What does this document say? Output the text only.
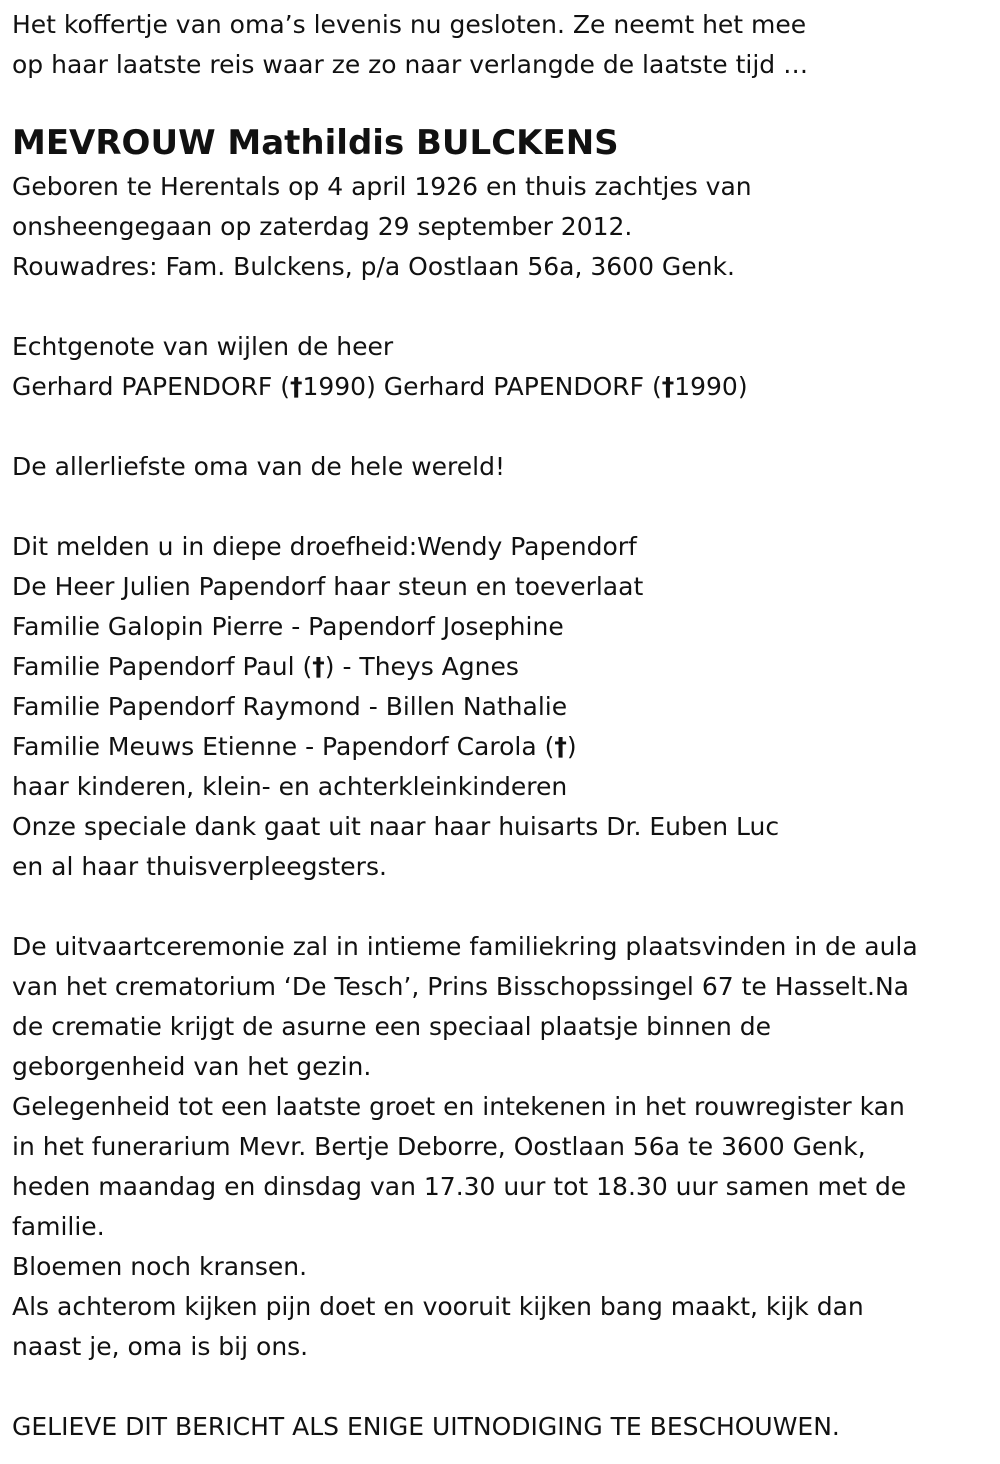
Het koffertje van oma’s levenis nu gesloten. Ze neemt het mee
op haar laatste reis waar ze zo naar verlangde de laatste tijd …
MEVROUW Mathildis BULCKENS
Geboren te Herentals op 4 april 1926 en thuis zachtjes van
onsheengegaan op zaterdag 29 september 2012.
Rouwadres: Fam. Bulckens, p/a Oostlaan 56a, 3600 Genk.
Echtgenote van wijlen de heer
Gerhard PAPENDORF (†1990) Gerhard PAPENDORF (†1990)
De allerliefste oma van de hele wereld!
Dit melden u in diepe droefheid:Wendy Papendorf
De Heer Julien Papendorf haar steun en toeverlaat
Familie Galopin Pierre - Papendorf Josephine
Familie Papendorf Paul (†) - Theys Agnes
Familie Papendorf Raymond - Billen Nathalie
Familie Meuws Etienne - Papendorf Carola (†)
haar kinderen, klein- en achterkleinkinderen
Onze speciale dank gaat uit naar haar huisarts Dr. Euben Luc
en al haar thuisverpleegsters.
De uitvaartceremonie zal in intieme familiekring plaatsvinden in de aula
van het crematorium ‘De Tesch’, Prins Bisschopssingel 67 te Hasselt.Na
de crematie krijgt de asurne een speciaal plaatsje binnen de
geborgenheid van het gezin.
Gelegenheid tot een laatste groet en intekenen in het rouwregister kan
in het funerarium Mevr. Bertje Deborre, Oostlaan 56a te 3600 Genk,
heden maandag en dinsdag van 17.30 uur tot 18.30 uur samen met de
familie.
Bloemen noch kransen.
Als achterom kijken pijn doet en vooruit kijken bang maakt, kijk dan
naast je, oma is bij ons.
GELIEVE DIT BERICHT ALS ENIGE UITNODIGING TE BESCHOUWEN.
